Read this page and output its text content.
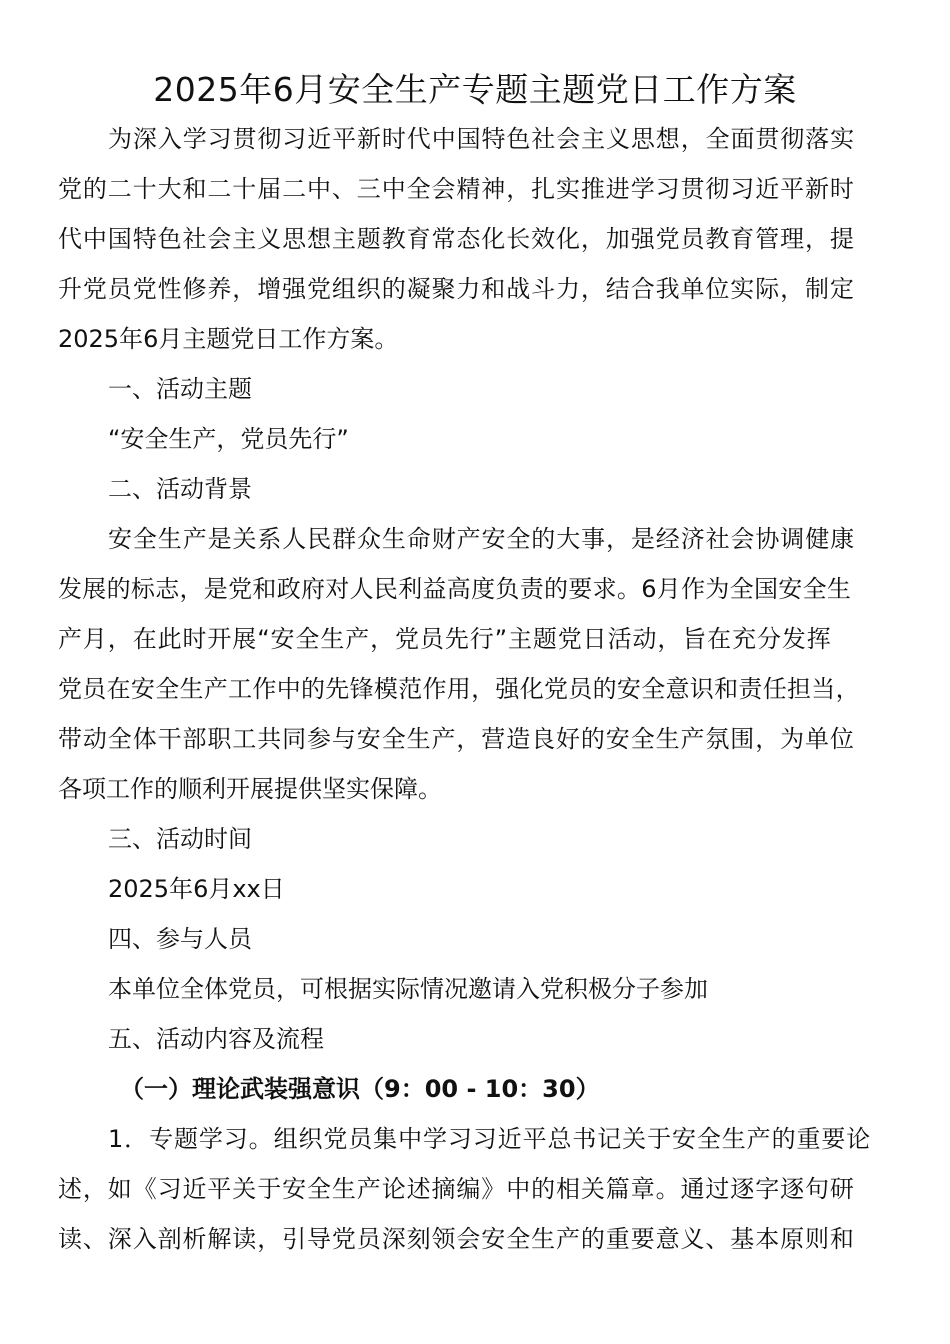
2025年6月安全生产专题主题党日工作方案
为深入学习贯彻习近平新时代中国特色社会主义思想，全面贯彻落实
党的二十大和二十届二中、三中全会精神，扎实推进学习贯彻习近平新时
代中国特色社会主义思想主题教育常态化长效化，加强党员教育管理，提
升党员党性修养，增强党组织的凝聚力和战斗力，结合我单位实际，制定
2025年6月主题党日工作方案。
一、活动主题
“安全生产，党员先行”
二、活动背景
安全生产是关系人民群众生命财产安全的大事，是经济社会协调健康
发展的标志，是党和政府对人民利益高度负责的要求。6月作为全国安全生
产月，在此时开展“安全生产，党员先行”主题党日活动，旨在充分发挥
党员在安全生产工作中的先锋模范作用，强化党员的安全意识和责任担当，
带动全体干部职工共同参与安全生产，营造良好的安全生产氛围，为单位
各项工作的顺利开展提供坚实保障。
三、活动时间
2025年6月xx日
四、参与人员
本单位全体党员，可根据实际情况邀请入党积极分子参加
五、活动内容及流程
（一）理论武装强意识（9：00 - 10：30）
1．专题学习。组织党员集中学习习近平总书记关于安全生产的重要论
述，如《习近平关于安全生产论述摘编》中的相关篇章。通过逐字逐句研
读、深入剖析解读，引导党员深刻领会安全生产的重要意义、基本原则和
